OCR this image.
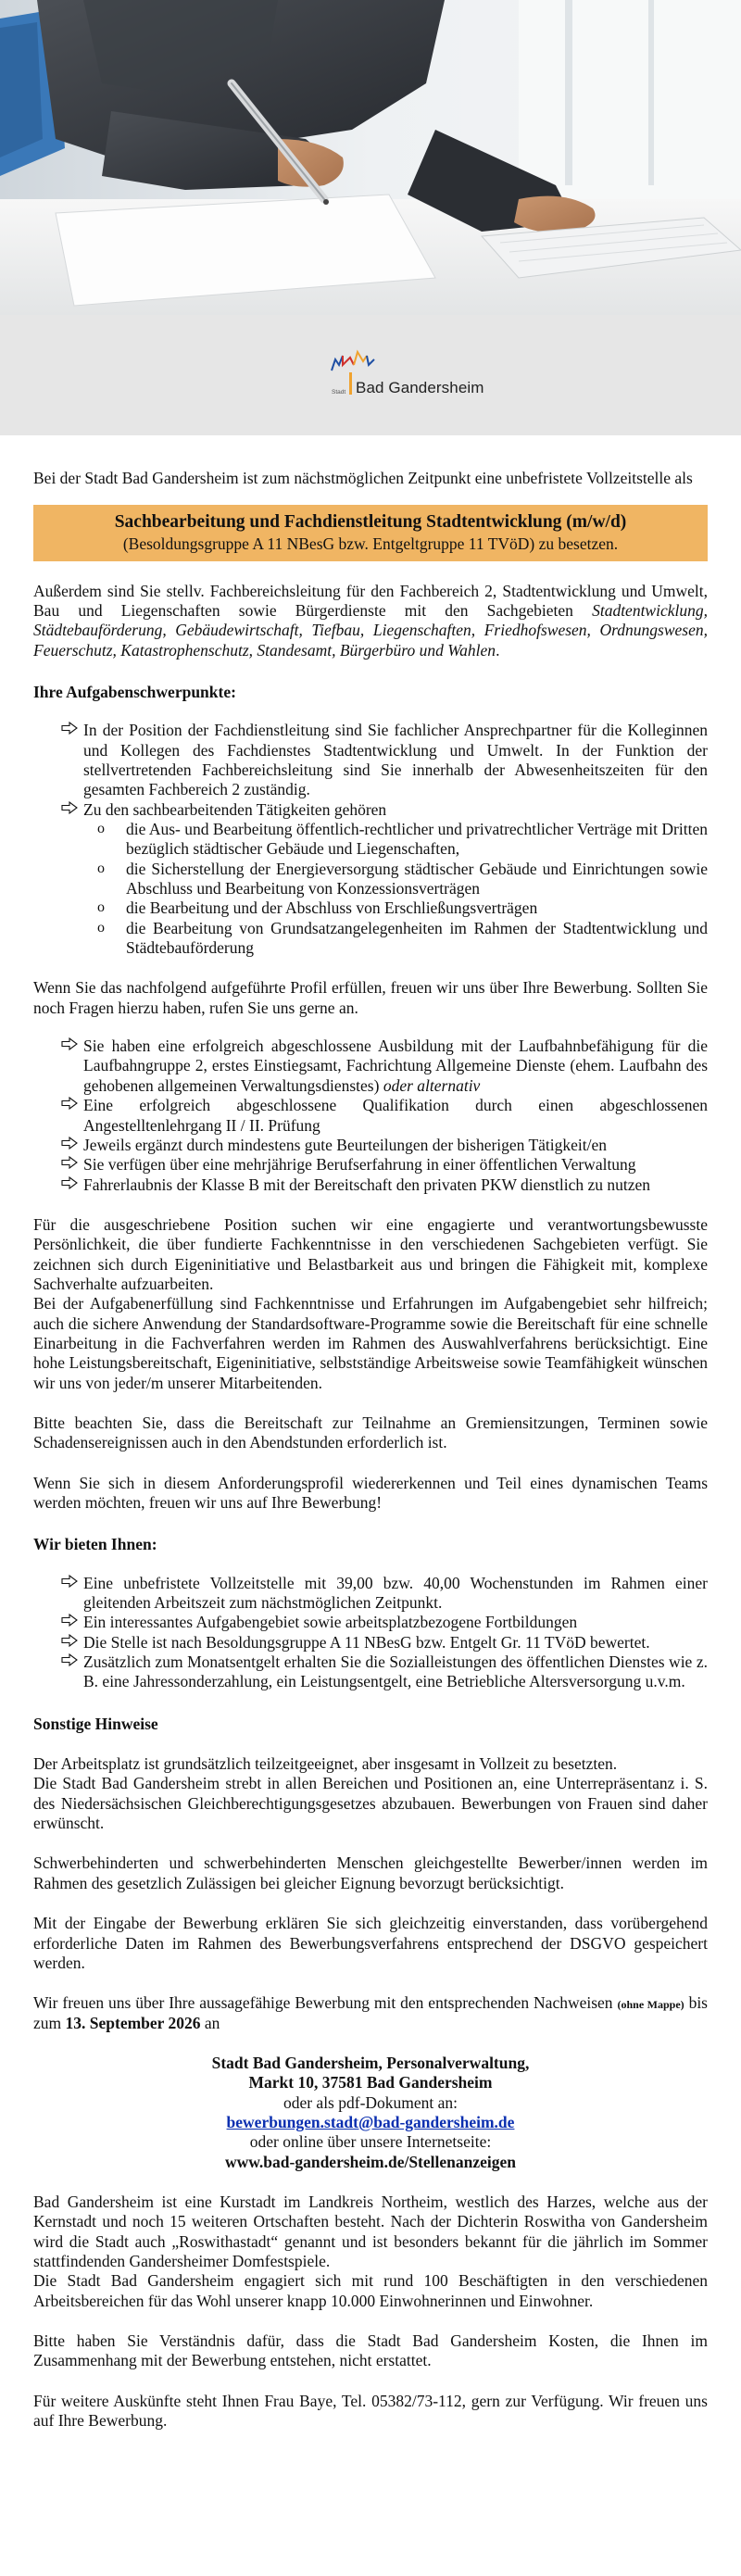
Stadt Bad Gandersheim

Bei der Stadt Bad Gandersheim ist zum nächstmöglichen Zeitpunkt eine unbefristete Vollzeitstelle als

Sachbearbeitung und Fachdienstleitung Stadtentwicklung (m/w/d)
(Besoldungsgruppe A 11 NBesG bzw. Entgeltgruppe 11 TVöD) zu besetzen.

Außerdem sind Sie stellv. Fachbereichsleitung für den Fachbereich 2, Stadtentwicklung und Umwelt, Bau und Liegenschaften sowie Bürgerdienste mit den Sachgebieten Stadtentwicklung, Städtebauförderung, Gebäudewirtschaft, Tiefbau, Liegenschaften, Friedhofswesen, Ordnungswesen, Feuerschutz, Katastrophenschutz, Standesamt, Bürgerbüro und Wahlen.

Ihre Aufgabenschwerpunkte:

In der Position der Fachdienstleitung sind Sie fachlicher Ansprechpartner für die Kolleginnen und Kollegen des Fachdienstes Stadtentwicklung und Umwelt. In der Funktion der stellvertretenden Fachbereichsleitung sind Sie innerhalb der Abwesenheitszeiten für den gesamten Fachbereich 2 zuständig.
Zu den sachbearbeitenden Tätigkeiten gehören
o die Aus- und Bearbeitung öffentlich-rechtlicher und privatrechtlicher Verträge mit Dritten bezüglich städtischer Gebäude und Liegenschaften,
o die Sicherstellung der Energieversorgung städtischer Gebäude und Einrichtungen sowie Abschluss und Bearbeitung von Konzessionsverträgen
o die Bearbeitung und der Abschluss von Erschließungsverträgen
o die Bearbeitung von Grundsatzangelegenheiten im Rahmen der Stadtentwicklung und Städtebauförderung

Wenn Sie das nachfolgend aufgeführte Profil erfüllen, freuen wir uns über Ihre Bewerbung. Sollten Sie noch Fragen hierzu haben, rufen Sie uns gerne an.

Sie haben eine erfolgreich abgeschlossene Ausbildung mit der Laufbahnbefähigung für die Laufbahngruppe 2, erstes Einstiegsamt, Fachrichtung Allgemeine Dienste (ehem. Laufbahn des gehobenen allgemeinen Verwaltungsdienstes) oder alternativ
Eine erfolgreich abgeschlossene Qualifikation durch einen abgeschlossenen Angestelltenlehrgang II / II. Prüfung
Jeweils ergänzt durch mindestens gute Beurteilungen der bisherigen Tätigkeit/en
Sie verfügen über eine mehrjährige Berufserfahrung in einer öffentlichen Verwaltung
Fahrerlaubnis der Klasse B mit der Bereitschaft den privaten PKW dienstlich zu nutzen

Für die ausgeschriebene Position suchen wir eine engagierte und verantwortungsbewusste Persönlichkeit, die über fundierte Fachkenntnisse in den verschiedenen Sachgebieten verfügt. Sie zeichnen sich durch Eigeninitiative und Belastbarkeit aus und bringen die Fähigkeit mit, komplexe Sachverhalte aufzuarbeiten.

Bei der Aufgabenerfüllung sind Fachkenntnisse und Erfahrungen im Aufgabengebiet sehr hilfreich; auch die sichere Anwendung der Standardsoftware-Programme sowie die Bereitschaft für eine schnelle Einarbeitung in die Fachverfahren werden im Rahmen des Auswahlverfahrens berücksichtigt. Eine hohe Leistungsbereitschaft, Eigeninitiative, selbstständige Arbeitsweise sowie Teamfähigkeit wünschen wir uns von jeder/m unserer Mitarbeitenden.

Bitte beachten Sie, dass die Bereitschaft zur Teilnahme an Gremiensitzungen, Terminen sowie Schadensereignissen auch in den Abendstunden erforderlich ist.

Wenn Sie sich in diesem Anforderungsprofil wiedererkennen und Teil eines dynamischen Teams werden möchten, freuen wir uns auf Ihre Bewerbung!

Wir bieten Ihnen:

Eine unbefristete Vollzeitstelle mit 39,00 bzw. 40,00 Wochenstunden im Rahmen einer gleitenden Arbeitszeit zum nächstmöglichen Zeitpunkt.
Ein interessantes Aufgabengebiet sowie arbeitsplatzbezogene Fortbildungen
Die Stelle ist nach Besoldungsgruppe A 11 NBesG bzw. Entgelt Gr. 11 TVöD bewertet.
Zusätzlich zum Monatsentgelt erhalten Sie die Sozialleistungen des öffentlichen Dienstes wie z. B. eine Jahressonderzahlung, ein Leistungsentgelt, eine Betriebliche Altersversorgung u.v.m.

Sonstige Hinweise

Der Arbeitsplatz ist grundsätzlich teilzeitgeeignet, aber insgesamt in Vollzeit zu besetzten.

Die Stadt Bad Gandersheim strebt in allen Bereichen und Positionen an, eine Unterrepräsentanz i. S. des Niedersächsischen Gleichberechtigungsgesetzes abzubauen. Bewerbungen von Frauen sind daher erwünscht.

Schwerbehinderten und schwerbehinderten Menschen gleichgestellte Bewerber/innen werden im Rahmen des gesetzlich Zulässigen bei gleicher Eignung bevorzugt berücksichtigt.

Mit der Eingabe der Bewerbung erklären Sie sich gleichzeitig einverstanden, dass vorübergehend erforderliche Daten im Rahmen des Bewerbungsverfahrens entsprechend der DSGVO gespeichert werden.

Wir freuen uns über Ihre aussagefähige Bewerbung mit den entsprechenden Nachweisen (ohne Mappe) bis zum 13. September 2026 an

Stadt Bad Gandersheim, Personalverwaltung,
Markt 10, 37581 Bad Gandersheim
oder als pdf-Dokument an:
bewerbungen.stadt@bad-gandersheim.de
oder online über unsere Internetseite:
www.bad-gandersheim.de/Stellenanzeigen

Bad Gandersheim ist eine Kurstadt im Landkreis Northeim, westlich des Harzes, welche aus der Kernstadt und noch 15 weiteren Ortschaften besteht. Nach der Dichterin Roswitha von Gandersheim wird die Stadt auch „Roswithastadt“ genannt und ist besonders bekannt für die jährlich im Sommer stattfindenden Gandersheimer Domfestspiele.

Die Stadt Bad Gandersheim engagiert sich mit rund 100 Beschäftigten in den verschiedenen Arbeitsbereichen für das Wohl unserer knapp 10.000 Einwohnerinnen und Einwohner.

Bitte haben Sie Verständnis dafür, dass die Stadt Bad Gandersheim Kosten, die Ihnen im Zusammenhang mit der Bewerbung entstehen, nicht erstattet.

Für weitere Auskünfte steht Ihnen Frau Baye, Tel. 05382/73-112, gern zur Verfügung. Wir freuen uns auf Ihre Bewerbung.
